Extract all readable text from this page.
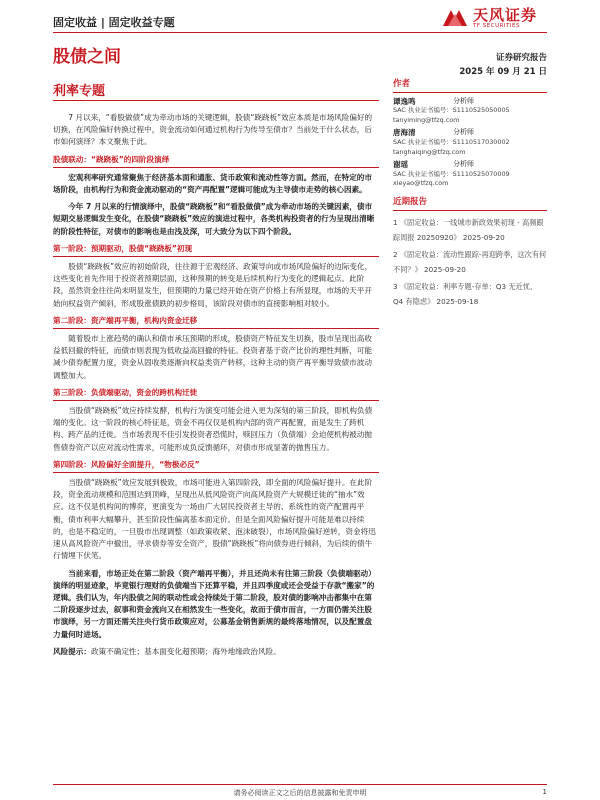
固定收益 | 固定收益专题	天风证券
TF SECURITIES
股债之间	证券研究报告
2025 年 09 月 21 日
利率专题

7 月以来，“看股做债”成为牵动市场的关键逻辑，股债“跷跷板”效应本质是市场风险偏好的切换，在风险偏好转换过程中，资金流动如何通过机构行为传导至债市？当前处于什么状态，后市如何演绎？本文聚焦于此。

股债联动：“跷跷板”的四阶段演绎

宏观利率研究通常聚焦于经济基本面和通胀、货币政策和流动性等方面。然而，在特定的市场阶段，由机构行为和资金流动驱动的“资产再配置”逻辑可能成为主导债市走势的核心因素。

今年 7 月以来的行情演绎中，股债“跷跷板”和“看股做债”成为牵动市场的关键因素，债市短期交易逻辑发生变化，在股债“跷跷板”效应的演进过程中，各类机构投资者的行为呈现出清晰的阶段性特征，对债市的影响也是由浅及深，可大致分为以下四个阶段。

第一阶段：预期驱动，股债“跷跷板”初现

股债“跷跷板”效应的初始阶段，往往源于宏观经济、政策导向或市场风险偏好的边际变化，这些变化首先作用于投资者预期层面，这种预期的转变是后续机构行为变化的逻辑起点。此阶段，虽然资金往往尚未明显发生，但预期的力量已经开始在资产价格上有所显现，市场的天平开始向权益资产倾斜，形成股涨债跌的初步格局，该阶段对债市的直接影响相对较小。

第二阶段：资产端再平衡，机构内资金迁移

随着股市上涨趋势的确认和债市承压预期的形成，股债资产特征发生切换，股市呈现出高收益低回撤的特征，而债市则表现为低收益高回撤的特征。投资者基于资产比价的理性判断，可能减少债券配置力度，资金从固收类逐渐向权益类资产转移，这种主动的资产再平衡导致债市波动调整加大。

第三阶段：负债端驱动，资金的跨机构迁徙

当股债“跷跷板”效应持续发酵，机构行为演变可能会进入更为深刻的第三阶段，即机构负债端的变化。这一阶段的核心特征是，资金不再仅仅是机构内部的资产再配置，而是发生了跨机构、跨产品的迁徙。当市场表现不佳引发投资者恐慌时，赎回压力（负债端）会迫使机构被动抛售债券资产以应对流动性需求，可能形成负反馈循环，对债市形成显著的抛售压力。

第四阶段：风险偏好全面提升，“物极必反”

当股债“跷跷板”效应发展到极致，市场可能进入第四阶段，即全面的风险偏好提升。在此阶段，资金流动规模和范围达到顶峰，呈现出从低风险资产向高风险资产大规模迁徙的“抽水”效应。这不仅是机构间的博弈，更演变为一场由广大居民投资者主导的、系统性的资产配置再平衡，债市利率大幅攀升，甚至阶段性偏离基本面定价。但是全面风险偏好提升可能是难以持续的，也是不稳定的，一旦股市出现调整（如政策收紧、泡沫破裂），市场风险偏好逆转，资金将迅速从高风险资产中撤出，寻求债券等安全资产，股债“跷跷板”将向债券进行倾斜，为后续的债牛行情埋下伏笔。

当前来看，市场正处在第二阶段（资产端再平衡），并且还尚未有往第三阶段（负债端驱动）演绎的明显迹象，毕竟银行理财的负债端当下还算平稳，并且四季度或还会受益于存款“搬家”的逻辑。我们认为，年内股债之间的联动性或会持续处于第二阶段，股对债的影响冲击都集中在第二阶段逐步过去，叙事和资金流向又在相然发生一些变化，故而于债市而言，一方面仍需关注股市演绎，另一方面还需关注央行货币政策应对，公募基金销售新规的最终落地情况，以及配置盘力量何时进场。

风险提示：政策不确定性；基本面变化超预期；海外地缘政治风险。

作者
谭逸鸣	分析师
SAC 执业证书编号：S1110525050005
tanyiming@tfzq.com
唐海清	分析师
SAC 执业证书编号：S1110517030002
tanghaiqing@tfzq.com
谢瑶	分析师
SAC 执业证书编号：S1110525070009
xieyao@tfzq.com
近期报告
1 《固定收益：一线城市新政效果初现 - 高频跟踪周报 20250920》 2025-09-20
2 《固定收益：流动性跟踪-再迎跨季，这次有何不同？》 2025-09-20
3 《固定收益：利率专题-存单：Q3 无近忧、Q4 有隐虑》 2025-09-18
请务必阅读正文之后的信息披露和免责申明	1
